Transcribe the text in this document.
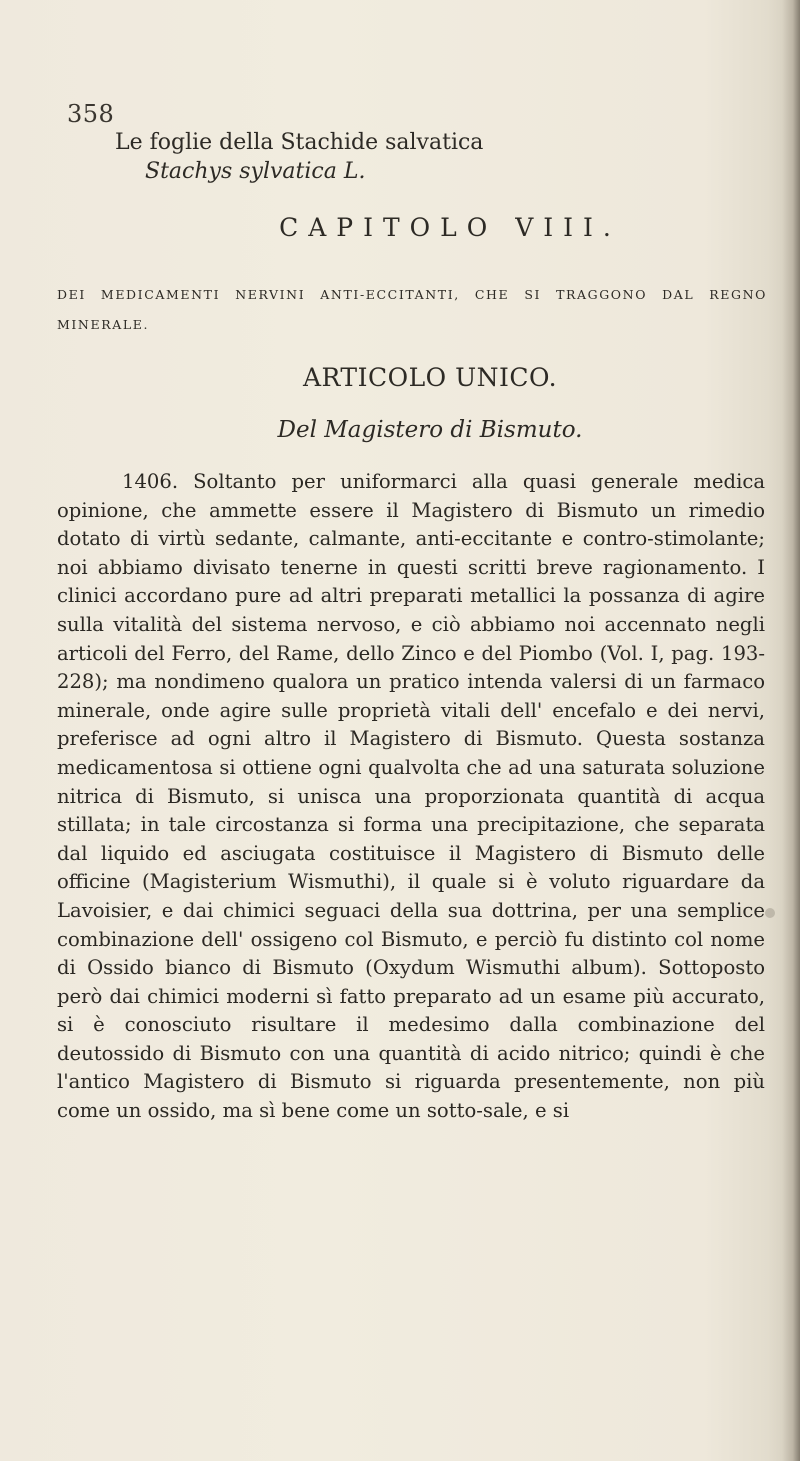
358
Le foglie della Stachide salvatica
Stachys sylvatica L.
CAPITOLO VIII.
DEI MEDICAMENTI NERVINI ANTI-ECCITANTI, CHE SI TRAGGONO DAL REGNO MINERALE.
ARTICOLO UNICO.
Del Magistero di Bismuto.

1406. Soltanto per uniformarci alla quasi generale medica opinione, che ammette essere il Magistero di Bismuto un rimedio dotato di virtù sedante, calmante, anti-eccitante e contro-stimolante; noi abbiamo divisato tenerne in questi scritti breve ragionamento. I clinici accordano pure ad altri preparati metallici la possanza di agire sulla vitalità del sistema nervoso, e ciò abbiamo noi accennato negli articoli del Ferro, del Rame, dello Zinco e del Piombo (Vol. I, pag. 193-228); ma nondimeno qualora un pratico intenda valersi di un farmaco minerale, onde agire sulle proprietà vitali dell' encefalo e dei nervi, preferisce ad ogni altro il Magistero di Bismuto. Questa sostanza medicamentosa si ottiene ogni qualvolta che ad una saturata soluzione nitrica di Bismuto, si unisca una proporzionata quantità di acqua stillata; in tale circostanza si forma una precipitazione, che separata dal liquido ed asciugata costituisce il Magistero di Bismuto delle officine (Magisterium Wismuthi), il quale si è voluto riguardare da Lavoisier, e dai chimici seguaci della sua dottrina, per una semplice combinazione dell' ossigeno col Bismuto, e perciò fu distinto col nome di Ossido bianco di Bismuto (Oxydum Wismuthi album). Sottoposto però dai chimici moderni sì fatto preparato ad un esame più accurato, si è conosciuto risultare il medesimo dalla combinazione del deutossido di Bismuto con una quantità di acido nitrico; quindi è che l'antico Magistero di Bismuto si riguarda presentemente, non più come un ossido, ma sì bene come un sotto-sale, e si
